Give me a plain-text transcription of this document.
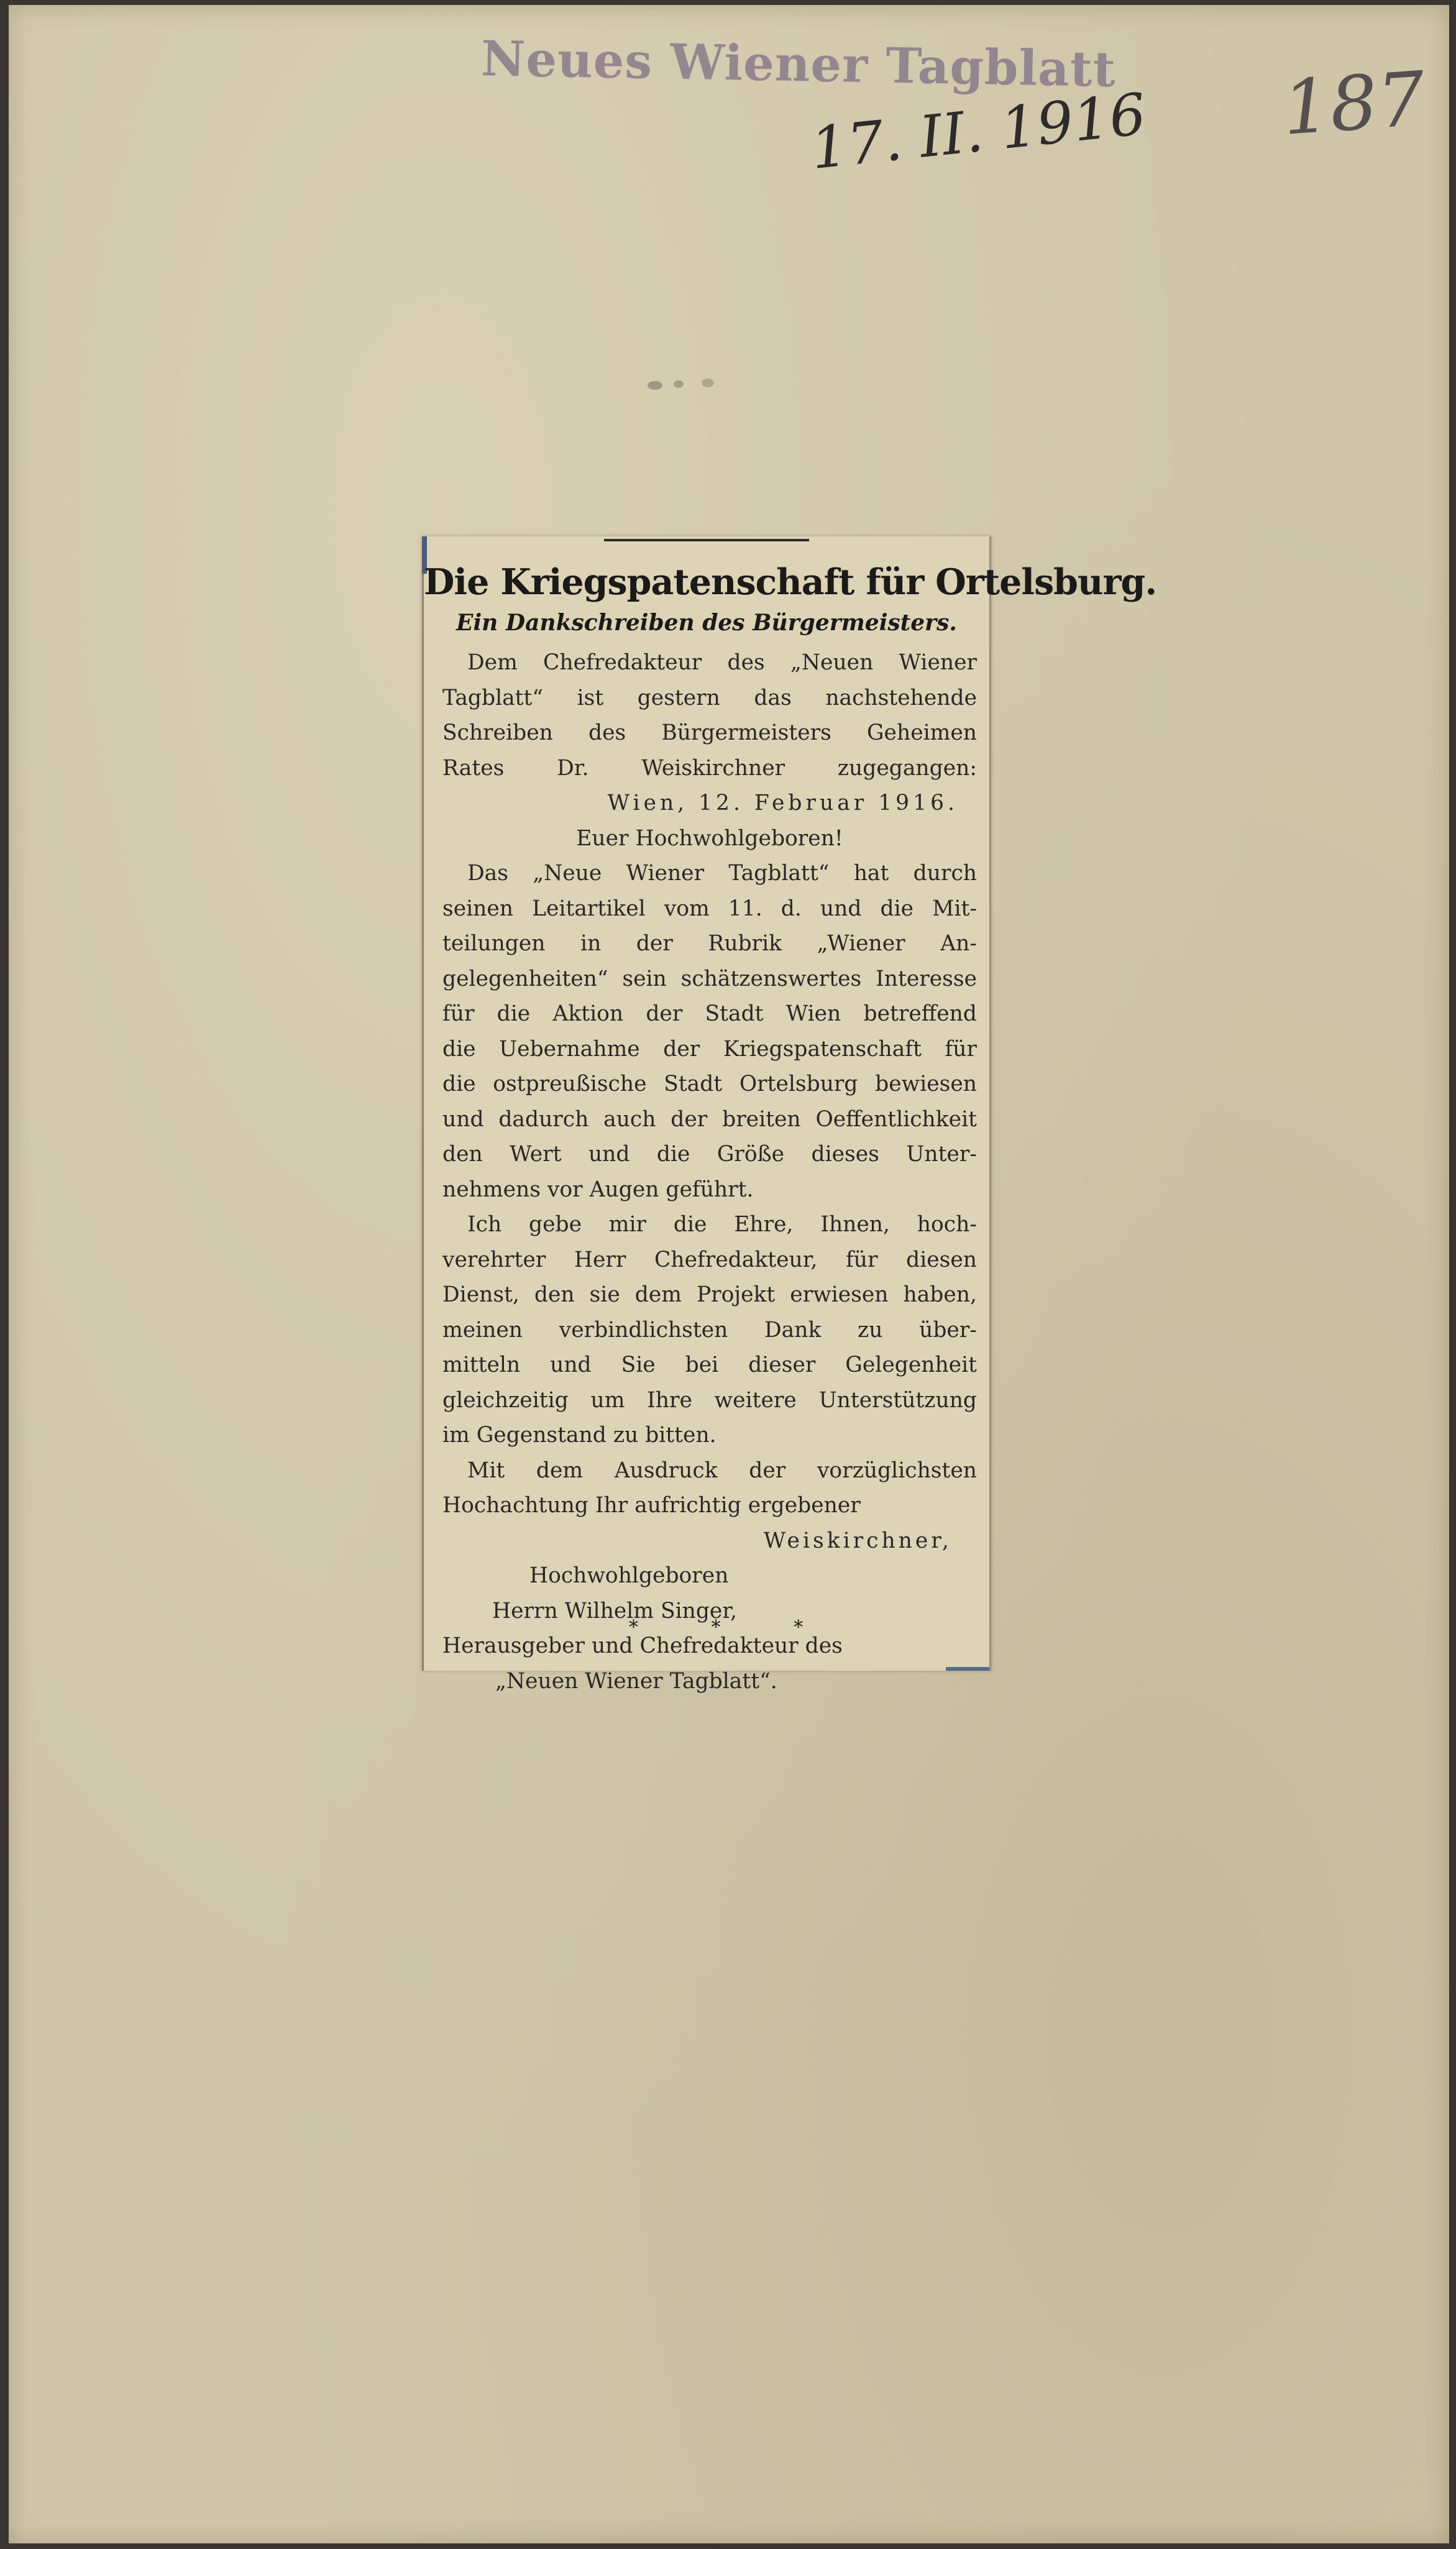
Neues Wiener Tagblatt
17. II. 1916 187
Die Kriegspatenschaft für Ortelsburg.
Ein Dankschreiben des Bürgermeisters.
Dem Chefredakteur des „Neuen Wiener
Tagblatt“ ist gestern das nachstehende
Schreiben des Bürgermeisters Geheimen
Rates Dr. Weiskirchner zugegangen:
Wien, 12. Februar 1916.
Euer Hochwohlgeboren!
Das „Neue Wiener Tagblatt“ hat durch
seinen Leitartikel vom 11. d. und die Mit-
teilungen in der Rubrik „Wiener An-
gelegenheiten“ sein schätzenswertes Interesse
für die Aktion der Stadt Wien betreffend
die Uebernahme der Kriegspatenschaft für
die ostpreußische Stadt Ortelsburg bewiesen
und dadurch auch der breiten Oeffentlichkeit
den Wert und die Größe dieses Unter-
nehmens vor Augen geführt.
Ich gebe mir die Ehre, Ihnen, hoch-
verehrter Herr Chefredakteur, für diesen
Dienst, den sie dem Projekt erwiesen haben,
meinen verbindlichsten Dank zu über-
mitteln und Sie bei dieser Gelegenheit
gleichzeitig um Ihre weitere Unterstützung
im Gegenstand zu bitten.
Mit dem Ausdruck der vorzüglichsten
Hochachtung Ihr aufrichtig ergebener
Weiskirchner,
Hochwohlgeboren
Herrn Wilhelm Singer,
Herausgeber und Chefredakteur des
„Neuen Wiener Tagblatt“.
* * *
